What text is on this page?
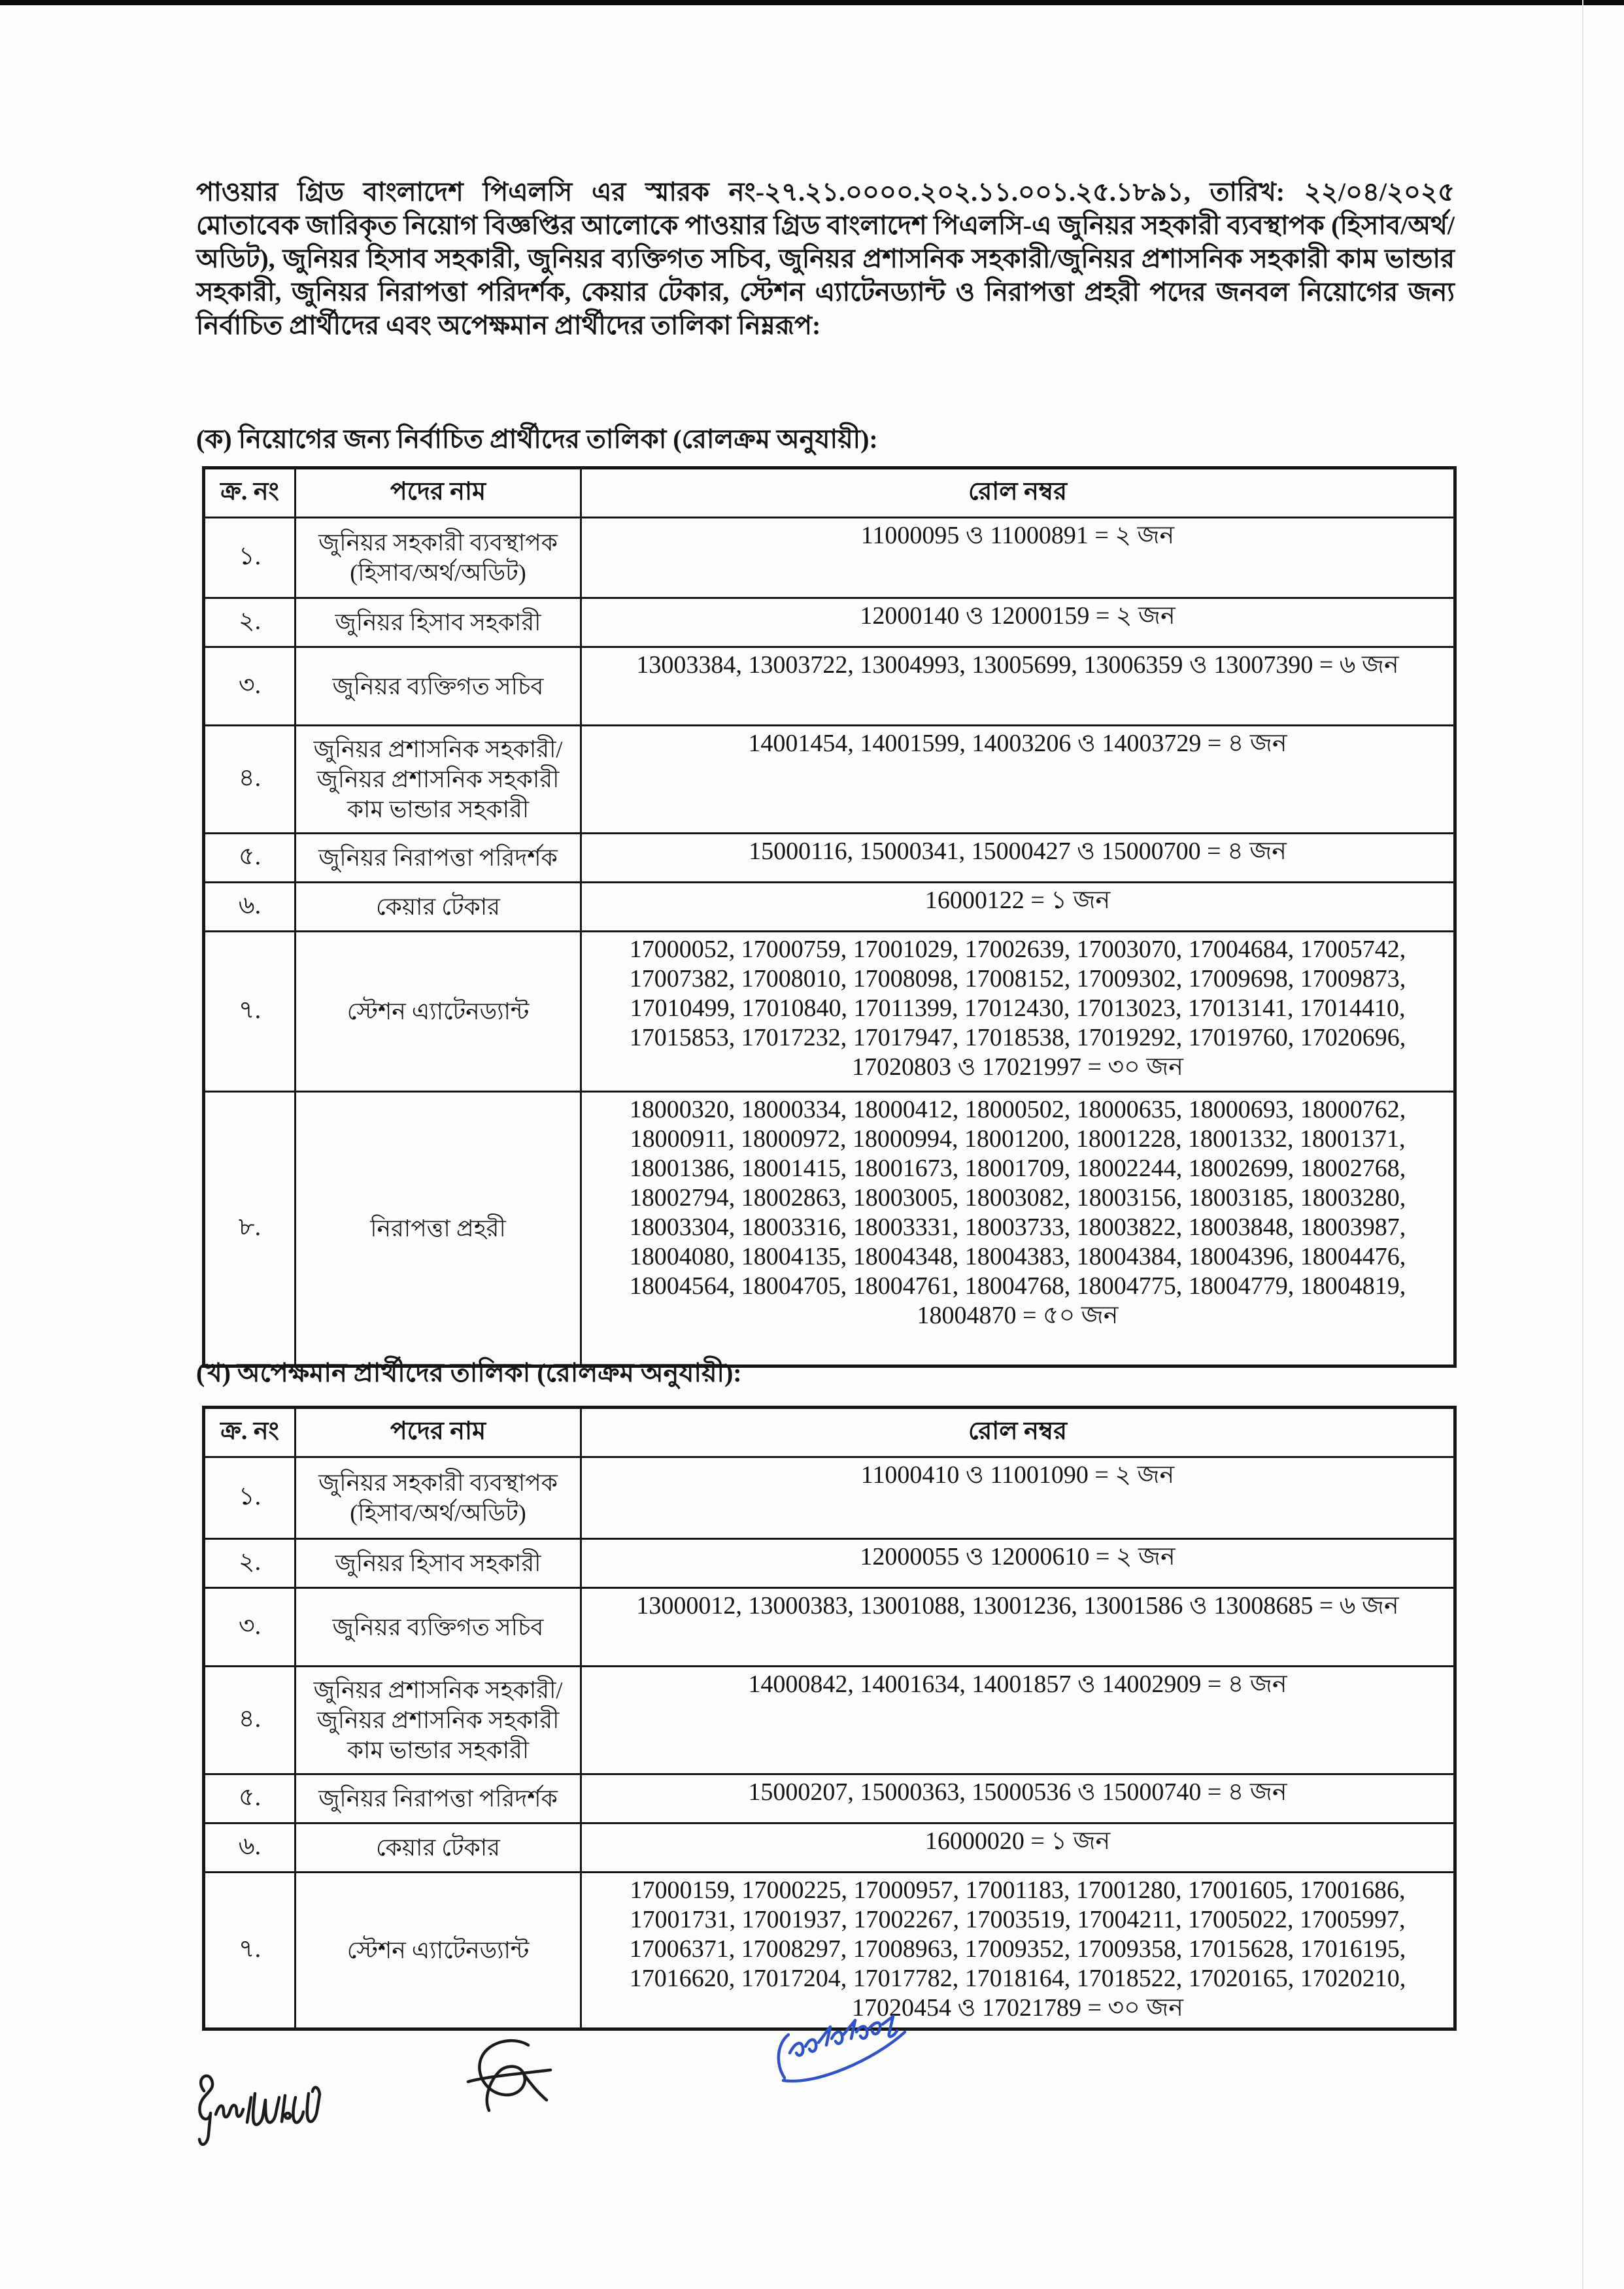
পাওয়ার গ্রিড বাংলাদেশ পিএলসি এর স্মারক নং-২৭.২১.০০০০.২০২.১১.০০১.২৫.১৮৯১, তারিখ: ২২/০৪/২০২৫ মোতাবেক জারিকৃত নিয়োগ বিজ্ঞপ্তির আলোকে পাওয়ার গ্রিড বাংলাদেশ পিএলসি-এ জুনিয়র সহকারী ব্যবস্থাপক (হিসাব/অর্থ/অডিট), জুনিয়র হিসাব সহকারী, জুনিয়র ব্যক্তিগত সচিব, জুনিয়র প্রশাসনিক সহকারী/জুনিয়র প্রশাসনিক সহকারী কাম ভান্ডার সহকারী, জুনিয়র নিরাপত্তা পরিদর্শক, কেয়ার টেকার, স্টেশন এ্যাটেনড্যান্ট ও নিরাপত্তা প্রহরী পদের জনবল নিয়োগের জন্য নির্বাচিত প্রার্থীদের এবং অপেক্ষমান প্রার্থীদের তালিকা নিম্নরূপ:

(ক) নিয়োগের জন্য নির্বাচিত প্রার্থীদের তালিকা (রোলক্রম অনুযায়ী):
ক্র. নং	পদের নাম	রোল নম্বর
১.	জুনিয়র সহকারী ব্যবস্থাপক (হিসাব/অর্থ/অডিট)	11000095 ও 11000891 = ২ জন
২.	জুনিয়র হিসাব সহকারী	12000140 ও 12000159 = ২ জন
৩.	জুনিয়র ব্যক্তিগত সচিব	13003384, 13003722, 13004993, 13005699, 13006359 ও 13007390 = ৬ জন
৪.	জুনিয়র প্রশাসনিক সহকারী/জুনিয়র প্রশাসনিক সহকারী কাম ভান্ডার সহকারী	14001454, 14001599, 14003206 ও 14003729 = ৪ জন
৫.	জুনিয়র নিরাপত্তা পরিদর্শক	15000116, 15000341, 15000427 ও 15000700 = ৪ জন
৬.	কেয়ার টেকার	16000122 = ১ জন
৭.	স্টেশন এ্যাটেনড্যান্ট	17000052, 17000759, 17001029, 17002639, 17003070, 17004684, 17005742, 17007382, 17008010, 17008098, 17008152, 17009302, 17009698, 17009873, 17010499, 17010840, 17011399, 17012430, 17013023, 17013141, 17014410, 17015853, 17017232, 17017947, 17018538, 17019292, 17019760, 17020696, 17020803 ও 17021997 = ৩০ জন
৮.	নিরাপত্তা প্রহরী	18000320, 18000334, 18000412, 18000502, 18000635, 18000693, 18000762, 18000911, 18000972, 18000994, 18001200, 18001228, 18001332, 18001371, 18001386, 18001415, 18001673, 18001709, 18002244, 18002699, 18002768, 18002794, 18002863, 18003005, 18003082, 18003156, 18003185, 18003280, 18003304, 18003316, 18003331, 18003733, 18003822, 18003848, 18003987, 18004080, 18004135, 18004348, 18004383, 18004384, 18004396, 18004476, 18004564, 18004705, 18004761, 18004768, 18004775, 18004779, 18004819, 18004870 = ৫০ জন
(খ) অপেক্ষমান প্রার্থীদের তালিকা (রোলক্রম অনুযায়ী):
ক্র. নং	পদের নাম	রোল নম্বর
১.	জুনিয়র সহকারী ব্যবস্থাপক (হিসাব/অর্থ/অডিট)	11000410 ও 11001090 = ২ জন
২.	জুনিয়র হিসাব সহকারী	12000055 ও 12000610 = ২ জন
৩.	জুনিয়র ব্যক্তিগত সচিব	13000012, 13000383, 13001088, 13001236, 13001586 ও 13008685 = ৬ জন
৪.	জুনিয়র প্রশাসনিক সহকারী/জুনিয়র প্রশাসনিক সহকারী কাম ভান্ডার সহকারী	14000842, 14001634, 14001857 ও 14002909 = ৪ জন
৫.	জুনিয়র নিরাপত্তা পরিদর্শক	15000207, 15000363, 15000536 ও 15000740 = ৪ জন
৬.	কেয়ার টেকার	16000020 = ১ জন
৭.	স্টেশন এ্যাটেনড্যান্ট	17000159, 17000225, 17000957, 17001183, 17001280, 17001605, 17001686, 17001731, 17001937, 17002267, 17003519, 17004211, 17005022, 17005997, 17006371, 17008297, 17008963, 17009352, 17009358, 17015628, 17016195, 17016620, 17017204, 17017782, 17018164, 17018522, 17020165, 17020210, 17020454 ও 17021789 = ৩০ জন
